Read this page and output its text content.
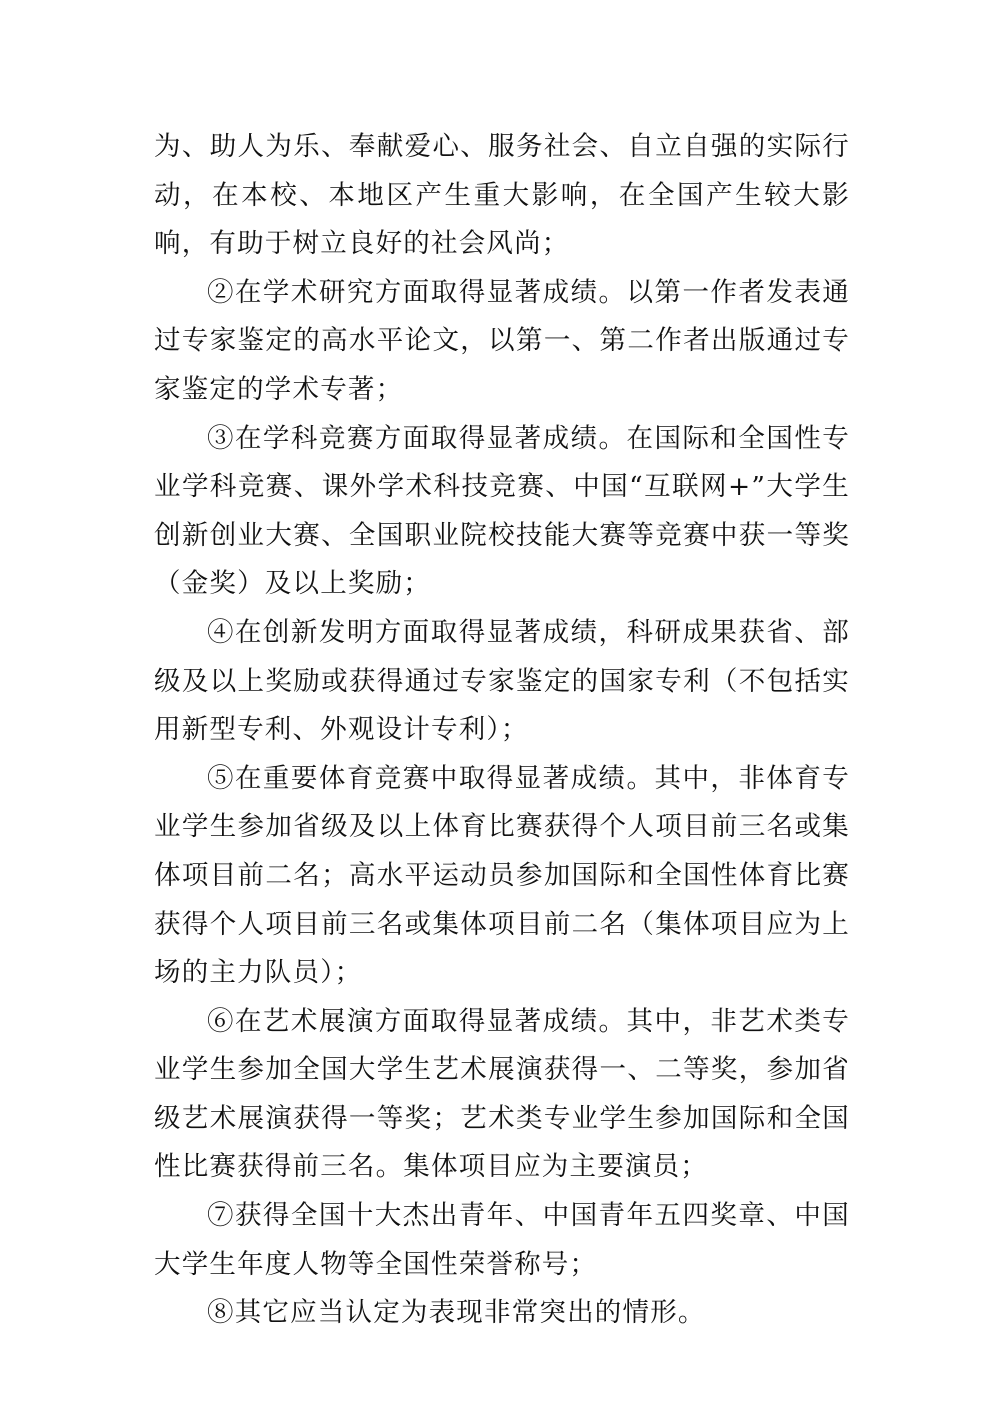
为、助人为乐、奉献爱心、服务社会、自立自强的实际行动，在本校、本地区产生重大影响，在全国产生较大影响，有助于树立良好的社会风尚；

②在学术研究方面取得显著成绩。以第一作者发表通过专家鉴定的高水平论文，以第一、第二作者出版通过专家鉴定的学术专著；

③在学科竞赛方面取得显著成绩。在国际和全国性专业学科竞赛、课外学术科技竞赛、中国“互联网+”大学生创新创业大赛、全国职业院校技能大赛等竞赛中获一等奖（金奖）及以上奖励；

④在创新发明方面取得显著成绩，科研成果获省、部级及以上奖励或获得通过专家鉴定的国家专利（不包括实用新型专利、外观设计专利）；

⑤在重要体育竞赛中取得显著成绩。其中，非体育专业学生参加省级及以上体育比赛获得个人项目前三名或集体项目前二名；高水平运动员参加国际和全国性体育比赛获得个人项目前三名或集体项目前二名（集体项目应为上场的主力队员）；

⑥在艺术展演方面取得显著成绩。其中，非艺术类专业学生参加全国大学生艺术展演获得一、二等奖，参加省级艺术展演获得一等奖；艺术类专业学生参加国际和全国性比赛获得前三名。集体项目应为主要演员；

⑦获得全国十大杰出青年、中国青年五四奖章、中国大学生年度人物等全国性荣誉称号；

⑧其它应当认定为表现非常突出的情形。
